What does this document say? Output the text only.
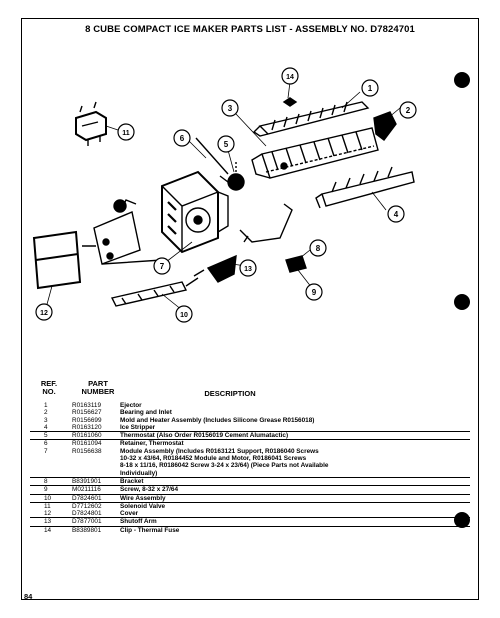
8 CUBE COMPACT ICE MAKER PARTS LIST - ASSEMBLY NO. D7824701
1
2
3
4
5
6
7
8
9
10
11
12
13
14
REF.
NO.
PART
NUMBER	DESCRIPTION
1	R0163119	Ejector
2	R0156627	Bearing and Inlet
3	R0156699	Mold and Heater Assembly (Includes Silicone Grease R0156018)
4	R0163120	Ice Stripper
5	R0161060	Thermostat (Also Order R0156019 Cement Alumatactic)
6	R0161094	Retainer, Thermostat
7	R0156638	Module Assembly (Includes R0163121 Support, R0186040 Screws
10-32 x 43/64, R0184452 Module and Motor, R0186041 Screws
8-18 x 11/16, R0186042 Screw 3-24 x 23/64) (Piece Parts not Available
Individually)
8	B8391901	Bracket
9	M0211116	Screw, 8-32 x 27/64
10	D7824601	Wire Assembly
11	D7712602	Solenoid Valve
12	D7824801	Cover
13	D7877001	Shutoff Arm
14	B8389801	Clip - Thermal Fuse
84
